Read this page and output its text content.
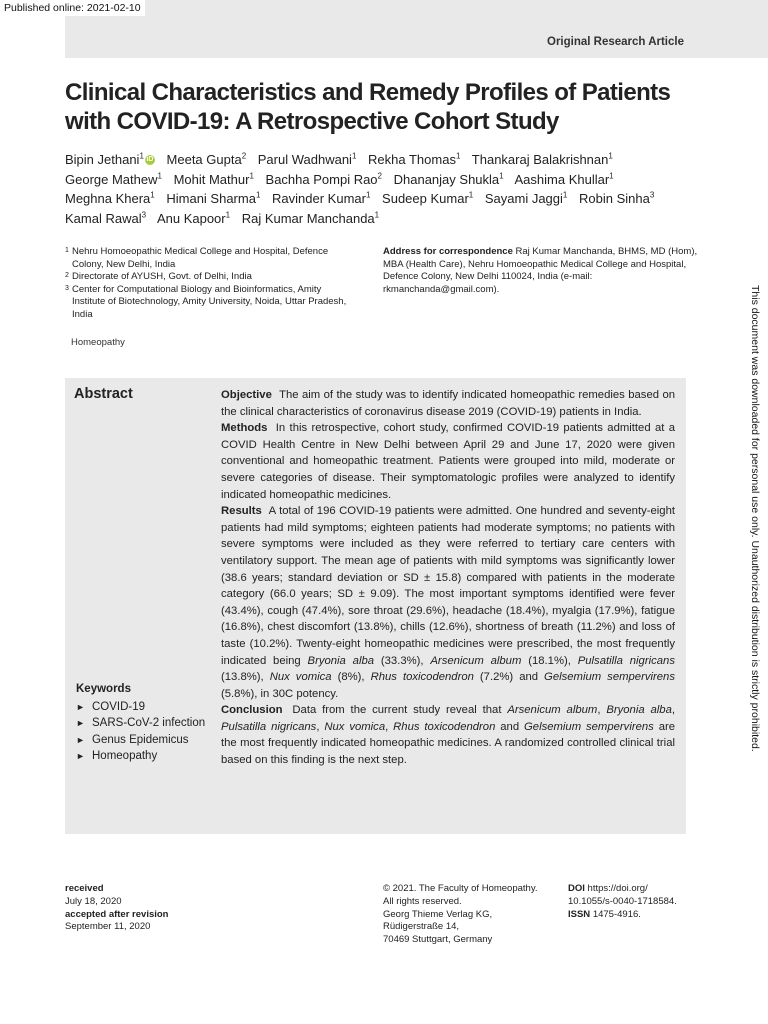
Published online: 2021-02-10
Original Research Article
This document was downloaded for personal use only. Unauthorized distribution is strictly prohibited.
Clinical Characteristics and Remedy Profiles of Patients with COVID-19: A Retrospective Cohort Study
Bipin Jethani$^1$ iD Meeta Gupta$^2$ Parul Wadhwani$^1$ Rekha Thomas$^1$ Thankaraj Balakrishnan$^1$
George Mathew$^1$ Mohit Mathur$^1$ Bachha Pompi Rao$^2$ Dhananjay Shukla$^1$ Aashima Khullar$^1$
Meghna Khera$^1$ Himani Sharma$^1$ Ravinder Kumar$^1$ Sudeep Kumar$^1$ Sayami Jaggi$^1$ Robin Sinha$^3$
Kamal Rawal$^3$ Anu Kapoor$^1$ Raj Kumar Manchanda$^1$
1 Nehru Homoeopathic Medical College and Hospital, Defence Colony, New Delhi, India
2 Directorate of AYUSH, Govt. of Delhi, India
3 Center for Computational Biology and Bioinformatics, Amity Institute of Biotechnology, Amity University, Noida, Uttar Pradesh, India
Address for correspondence Raj Kumar Manchanda, BHMS, MD (Hom), MBA (Health Care), Nehru Homoeopathic Medical College and Hospital, Defence Colony, New Delhi 110024, India (e-mail: rkmanchanda@gmail.com).
Homeopathy
Abstract
Keywords
► COVID-19
► SARS-CoV-2 infection
► Genus Epidemicus
► Homeopathy

Objective The aim of the study was to identify indicated homeopathic remedies based on the clinical characteristics of coronavirus disease 2019 (COVID-19) patients in India.

Methods In this retrospective, cohort study, confirmed COVID-19 patients admitted at a COVID Health Centre in New Delhi between April 29 and June 17, 2020 were given conventional and homeopathic treatment. Patients were grouped into mild, moderate or severe categories of disease. Their symptomatologic profiles were analyzed to identify indicated homeopathic medicines.

Results A total of 196 COVID-19 patients were admitted. One hundred and seventy-eight patients had mild symptoms; eighteen patients had moderate symptoms; no patients with severe symptoms were included as they were referred to tertiary care centers with ventilatory support. The mean age of patients with mild symptoms was significantly lower (38.6 years; standard deviation or SD ± 15.8) compared with patients in the moderate category (66.0 years; SD ± 9.09). The most important symptoms identified were fever (43.4%), cough (47.4%), sore throat (29.6%), headache (18.4%), myalgia (17.9%), fatigue (16.8%), chest discomfort (13.8%), chills (12.6%), shortness of breath (11.2%) and loss of taste (10.2%). Twenty-eight homeopathic medicines were prescribed, the most frequently indicated being Bryonia alba (33.3%), Arsenicum album (18.1%), Pulsatilla nigricans (13.8%), Nux vomica (8%), Rhus toxicodendron (7.2%) and Gelsemium sempervirens (5.8%), in 30C potency.

Conclusion Data from the current study reveal that Arsenicum album, Bryonia alba, Pulsatilla nigricans, Nux vomica, Rhus toxicodendron and Gelsemium sempervirens are the most frequently indicated homeopathic medicines. A randomized controlled clinical trial based on this finding is the next step.

received
July 18, 2020
accepted after revision
September 11, 2020
© 2021. The Faculty of Homeopathy.
All rights reserved.
Georg Thieme Verlag KG,
Rüdigerstraße 14,
70469 Stuttgart, Germany
DOI https://doi.org/
10.1055/s-0040-1718584.
ISSN 1475-4916.
